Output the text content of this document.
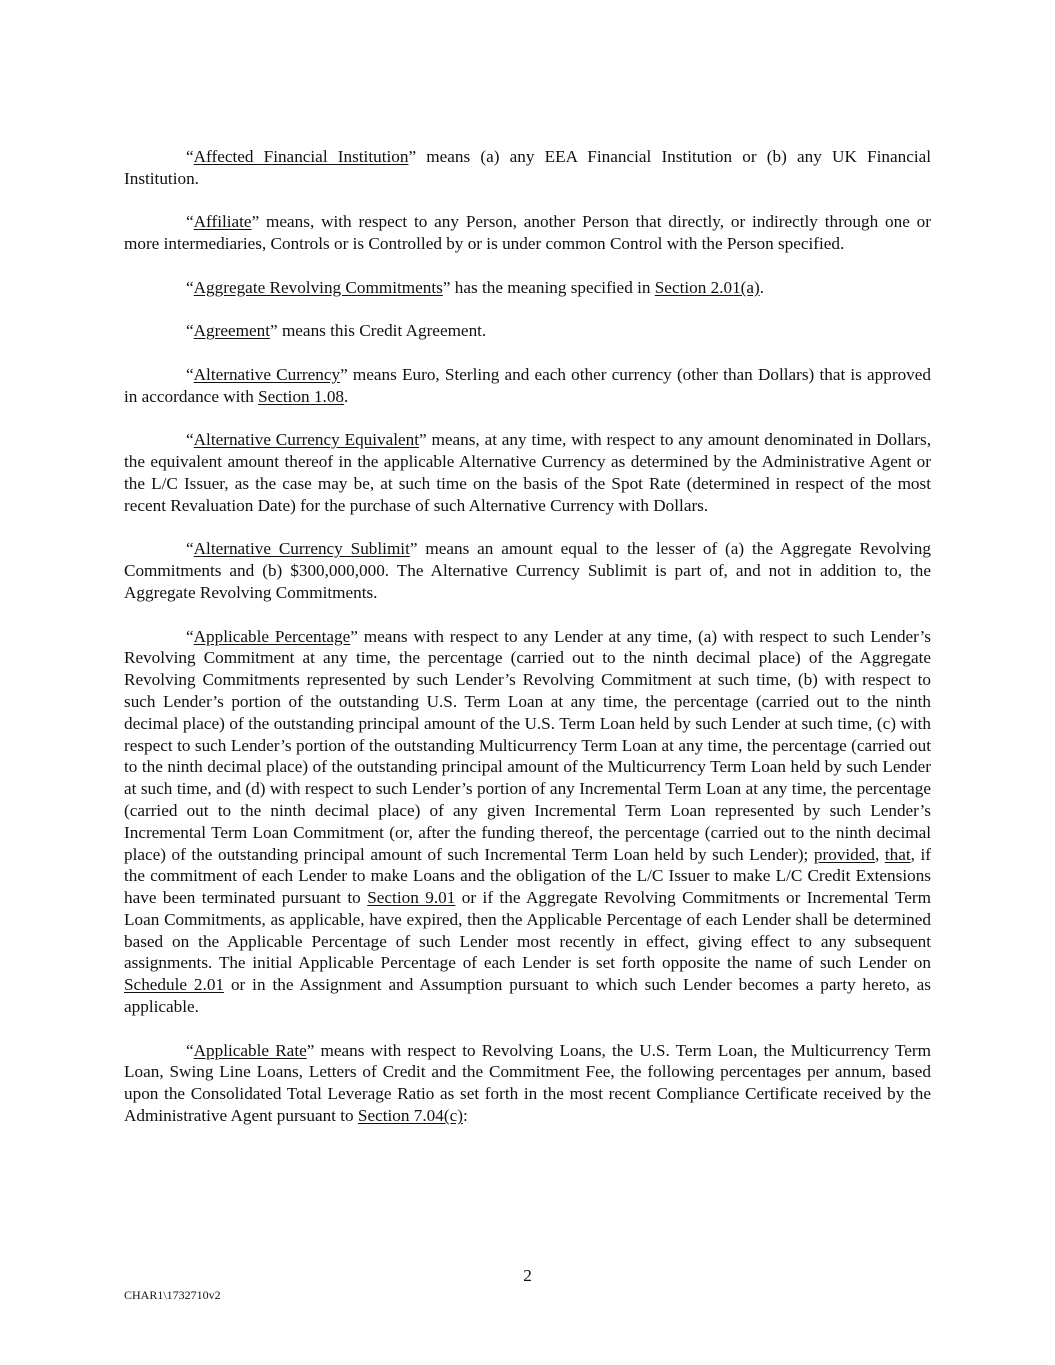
“Affected Financial Institution” means (a) any EEA Financial Institution or (b) any UK Financial Institution.

“Affiliate” means, with respect to any Person, another Person that directly, or indirectly through one or more intermediaries, Controls or is Controlled by or is under common Control with the Person specified.

“Aggregate Revolving Commitments” has the meaning specified in Section 2.01(a).

“Agreement” means this Credit Agreement.

“Alternative Currency” means Euro, Sterling and each other currency (other than Dollars) that is approved in accordance with Section 1.08.

“Alternative Currency Equivalent” means, at any time, with respect to any amount denominated in Dollars, the equivalent amount thereof in the applicable Alternative Currency as determined by the Administrative Agent or the L/C Issuer, as the case may be, at such time on the basis of the Spot Rate (determined in respect of the most recent Revaluation Date) for the purchase of such Alternative Currency with Dollars.

“Alternative Currency Sublimit” means an amount equal to the lesser of (a) the Aggregate Revolving Commitments and (b) $300,000,000. The Alternative Currency Sublimit is part of, and not in addition to, the Aggregate Revolving Commitments.

“Applicable Percentage” means with respect to any Lender at any time, (a) with respect to such Lender’s Revolving Commitment at any time, the percentage (carried out to the ninth decimal place) of the Aggregate Revolving Commitments represented by such Lender’s Revolving Commitment at such time, (b) with respect to such Lender’s portion of the outstanding U.S. Term Loan at any time, the percentage (carried out to the ninth decimal place) of the outstanding principal amount of the U.S. Term Loan held by such Lender at such time, (c) with respect to such Lender’s portion of the outstanding Multicurrency Term Loan at any time, the percentage (carried out to the ninth decimal place) of the outstanding principal amount of the Multicurrency Term Loan held by such Lender at such time, and (d) with respect to such Lender’s portion of any Incremental Term Loan at any time, the percentage (carried out to the ninth decimal place) of any given Incremental Term Loan represented by such Lender’s Incremental Term Loan Commitment (or, after the funding thereof, the percentage (carried out to the ninth decimal place) of the outstanding principal amount of such Incremental Term Loan held by such Lender); provided, that, if the commitment of each Lender to make Loans and the obligation of the L/C Issuer to make L/C Credit Extensions have been terminated pursuant to Section 9.01 or if the Aggregate Revolving Commitments or Incremental Term Loan Commitments, as applicable, have expired, then the Applicable Percentage of each Lender shall be determined based on the Applicable Percentage of such Lender most recently in effect, giving effect to any subsequent assignments. The initial Applicable Percentage of each Lender is set forth opposite the name of such Lender on Schedule 2.01 or in the Assignment and Assumption pursuant to which such Lender becomes a party hereto, as applicable.

“Applicable Rate” means with respect to Revolving Loans, the U.S. Term Loan, the Multicurrency Term Loan, Swing Line Loans, Letters of Credit and the Commitment Fee, the following percentages per annum, based upon the Consolidated Total Leverage Ratio as set forth in the most recent Compliance Certificate received by the Administrative Agent pursuant to Section 7.04(c):

2
CHAR1\1732710v2
